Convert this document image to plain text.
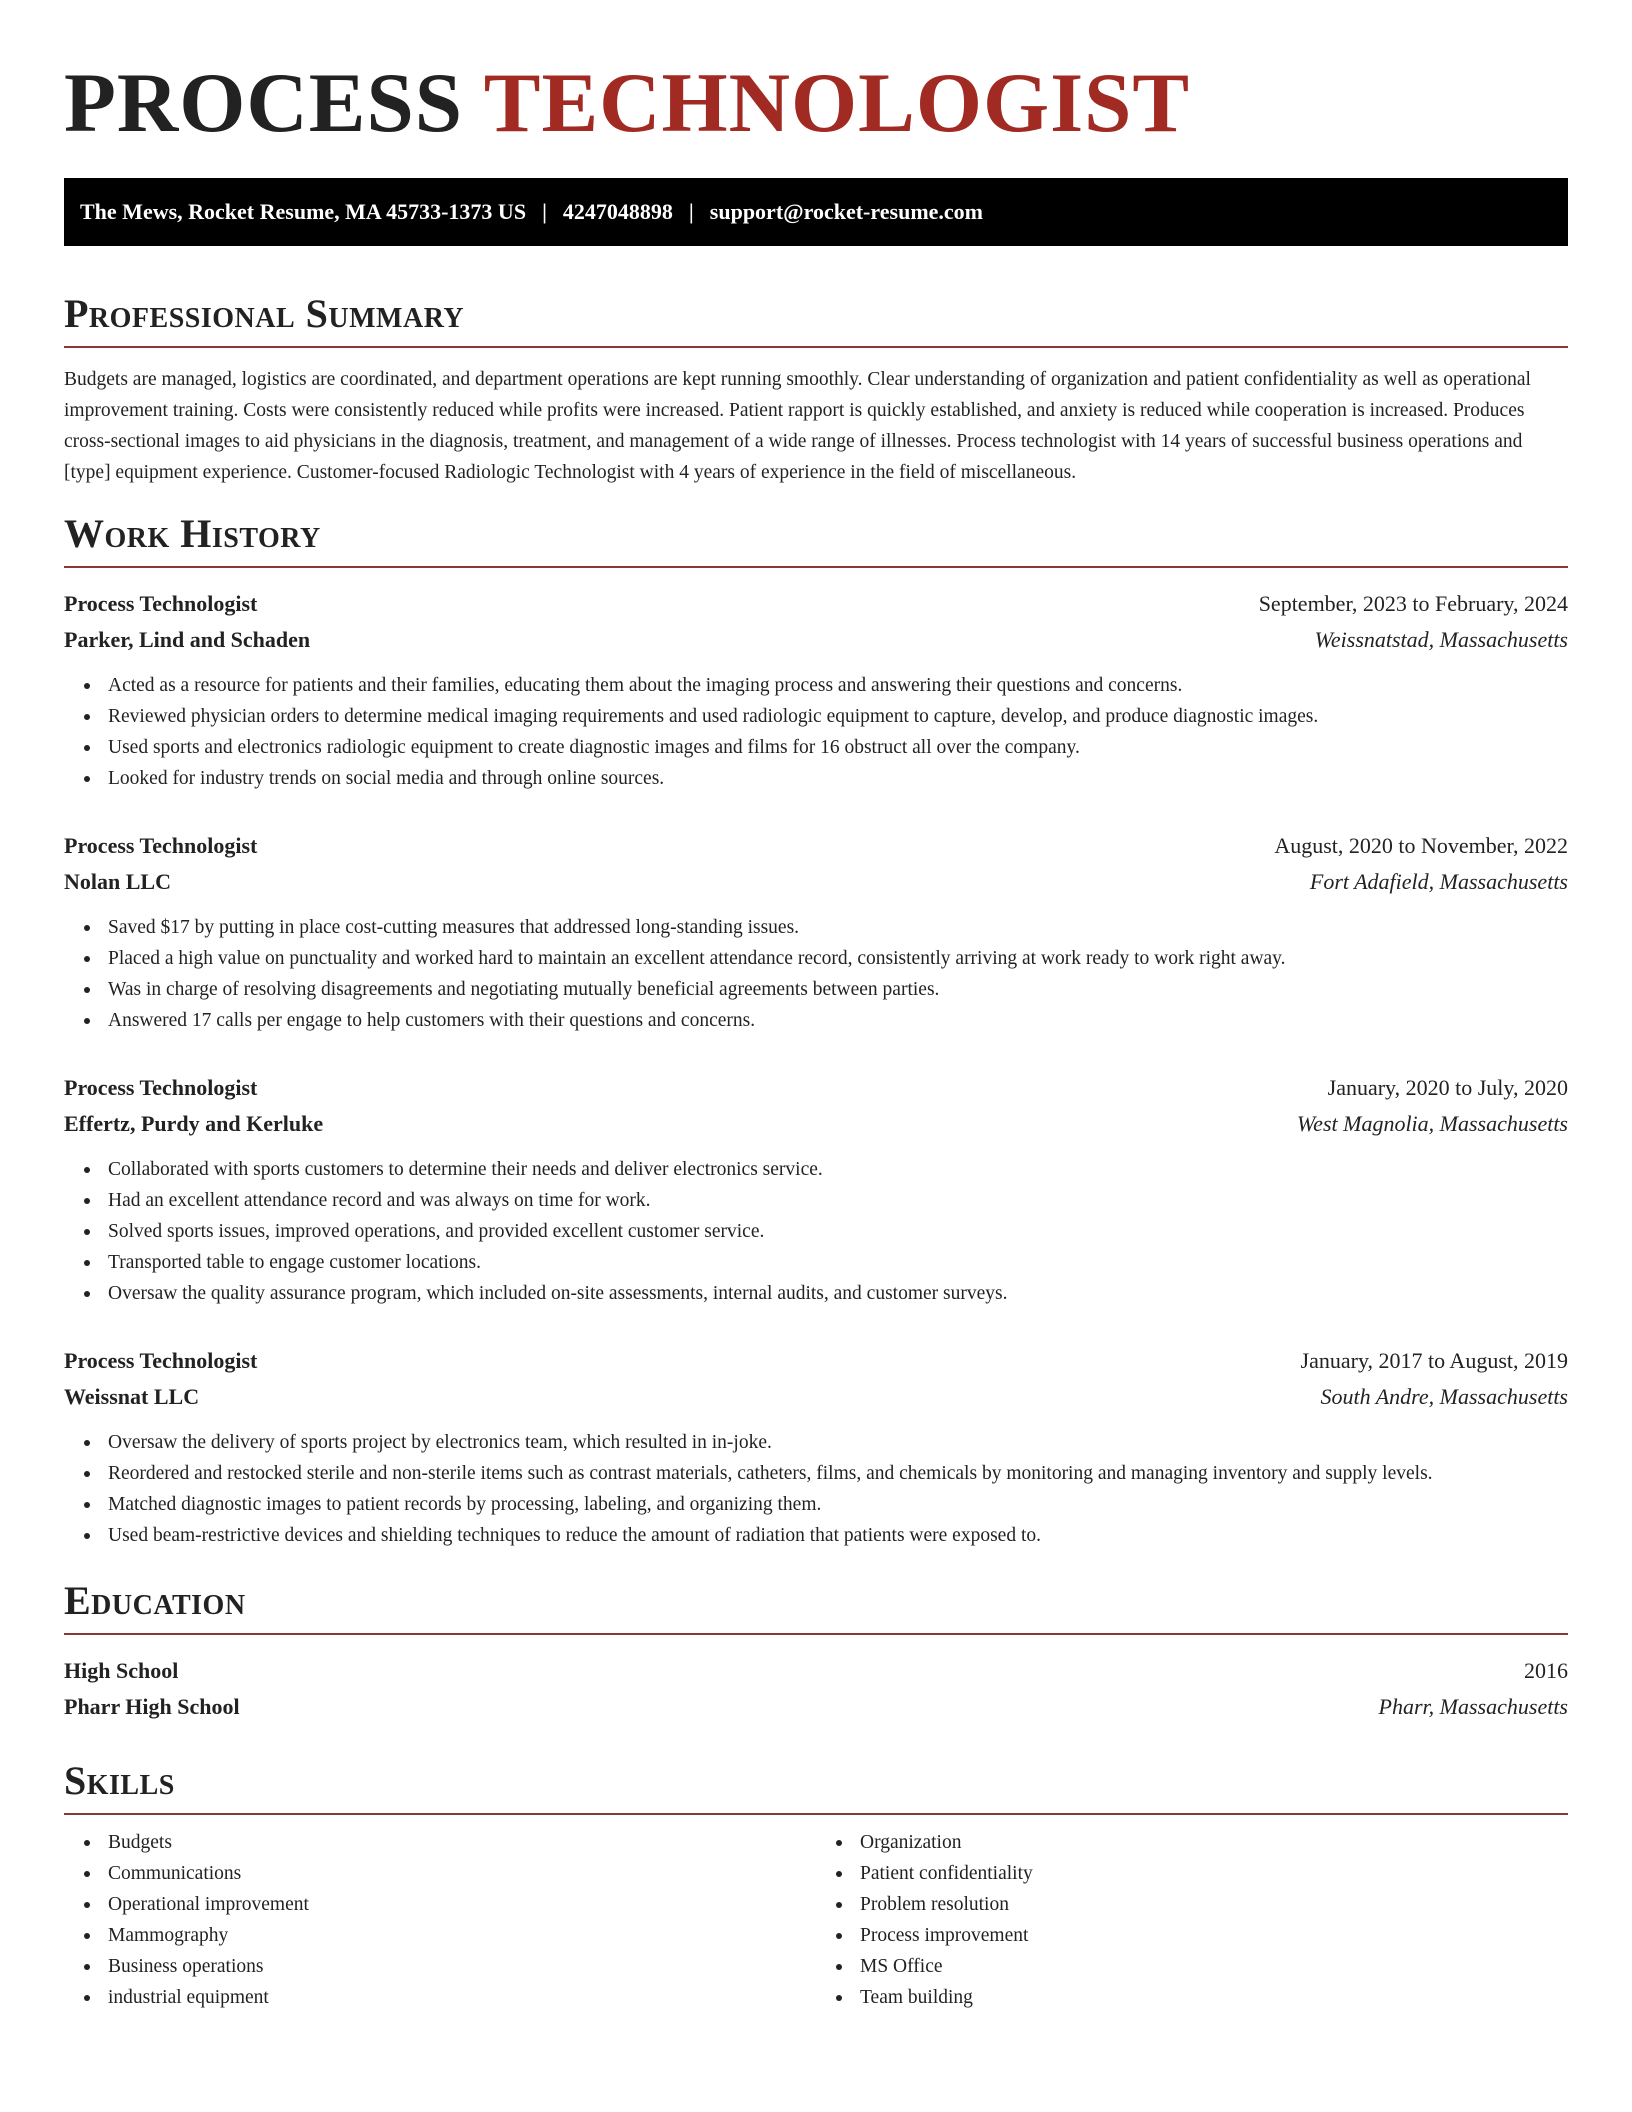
PROCESS TECHNOLOGIST
The Mews, Rocket Resume, MA 45733-1373 US | 4247048898 | support@rocket-resume.com
Professional Summary

Budgets are managed, logistics are coordinated, and department operations are kept running smoothly. Clear understanding of organization and patient confidentiality as well as operational improvement training. Costs were consistently reduced while profits were increased. Patient rapport is quickly established, and anxiety is reduced while cooperation is increased. Produces cross-sectional images to aid physicians in the diagnosis, treatment, and management of a wide range of illnesses. Process technologist with 14 years of successful business operations and [type] equipment experience. Customer-focused Radiologic Technologist with 4 years of experience in the field of miscellaneous.

Work History
Process Technologist	September, 2023 to February, 2024
Parker, Lind and Schaden	Weissnatstad, Massachusetts
Acted as a resource for patients and their families, educating them about the imaging process and answering their questions and concerns.
Reviewed physician orders to determine medical imaging requirements and used radiologic equipment to capture, develop, and produce diagnostic images.
Used sports and electronics radiologic equipment to create diagnostic images and films for 16 obstruct all over the company.
Looked for industry trends on social media and through online sources.
Process Technologist	August, 2020 to November, 2022
Nolan LLC	Fort Adafield, Massachusetts
Saved $17 by putting in place cost-cutting measures that addressed long-standing issues.
Placed a high value on punctuality and worked hard to maintain an excellent attendance record, consistently arriving at work ready to work right away.
Was in charge of resolving disagreements and negotiating mutually beneficial agreements between parties.
Answered 17 calls per engage to help customers with their questions and concerns.
Process Technologist	January, 2020 to July, 2020
Effertz, Purdy and Kerluke	West Magnolia, Massachusetts
Collaborated with sports customers to determine their needs and deliver electronics service.
Had an excellent attendance record and was always on time for work.
Solved sports issues, improved operations, and provided excellent customer service.
Transported table to engage customer locations.
Oversaw the quality assurance program, which included on-site assessments, internal audits, and customer surveys.
Process Technologist	January, 2017 to August, 2019
Weissnat LLC	South Andre, Massachusetts
Oversaw the delivery of sports project by electronics team, which resulted in in-joke.
Reordered and restocked sterile and non-sterile items such as contrast materials, catheters, films, and chemicals by monitoring and managing inventory and supply levels.
Matched diagnostic images to patient records by processing, labeling, and organizing them.
Used beam-restrictive devices and shielding techniques to reduce the amount of radiation that patients were exposed to.
Education
High School	2016
Pharr High School	Pharr, Massachusetts
Skills
Budgets
Communications
Operational improvement
Mammography
Business operations
industrial equipment
Organization
Patient confidentiality
Problem resolution
Process improvement
MS Office
Team building
